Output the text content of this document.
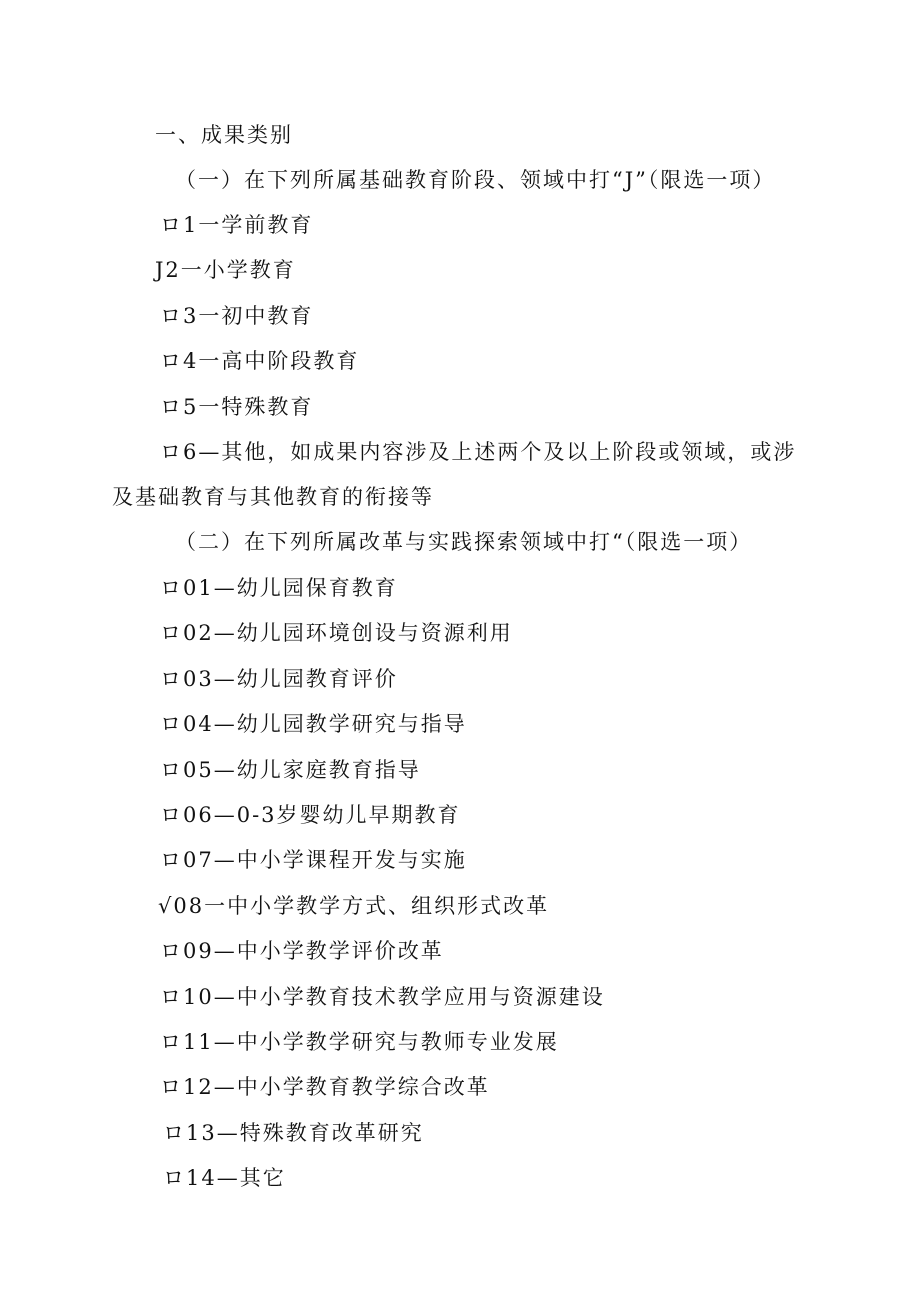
一、成果类别
（一）在下列所属基础教育阶段、领域中打“J”（限选一项）
ロ1一学前教育
J2一小学教育
ロ3一初中教育
ロ4一高中阶段教育
ロ5一特殊教育
ロ6—其他，如成果内容涉及上述两个及以上阶段或领域，或涉
及基础教育与其他教育的衔接等
（二）在下列所属改革与实践探索领域中打“（限选一项）
ロ01—幼儿园保育教育
ロ02—幼儿园环境创设与资源利用
ロ03—幼儿园教育评价
ロ04—幼儿园教学研究与指导
ロ05—幼儿家庭教育指导
ロ06—0-3岁婴幼儿早期教育
ロ07—中小学课程开发与实施
√08一中小学教学方式、组织形式改革
ロ09—中小学教学评价改革
ロ10—中小学教育技术教学应用与资源建设
ロ11—中小学教学研究与教师专业发展
ロ12—中小学教育教学综合改革
ロ13—特殊教育改革研究
ロ14—其它
